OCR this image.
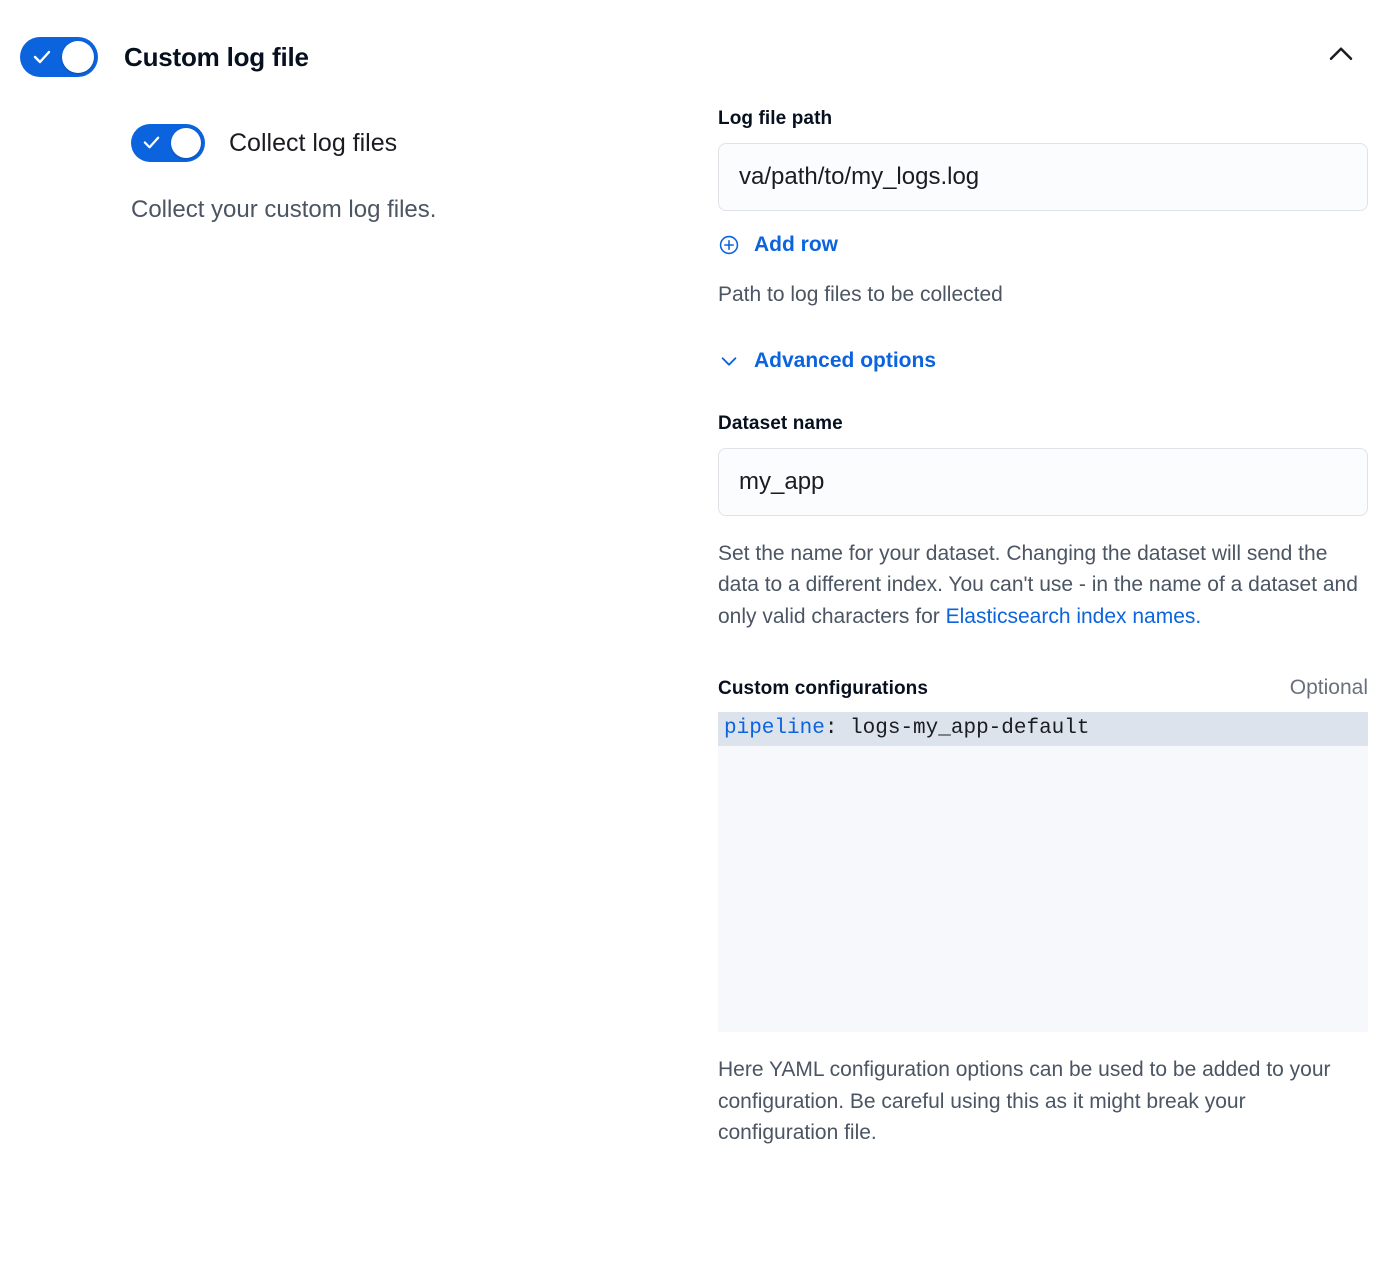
Custom log file
Collect log files
Collect your custom log files.
Log file path
va/path/to/my_logs.log
Add row
Path to log files to be collected
Advanced options
Dataset name
my_app
Set the name for your dataset. Changing the dataset will send the data to a different index. You can't use - in the name of a dataset and only valid characters for Elasticsearch index names.
Custom configurations	Optional
pipeline: logs-my_app-default
Here YAML configuration options can be used to be added to your configuration. Be careful using this as it might break your configuration file.
